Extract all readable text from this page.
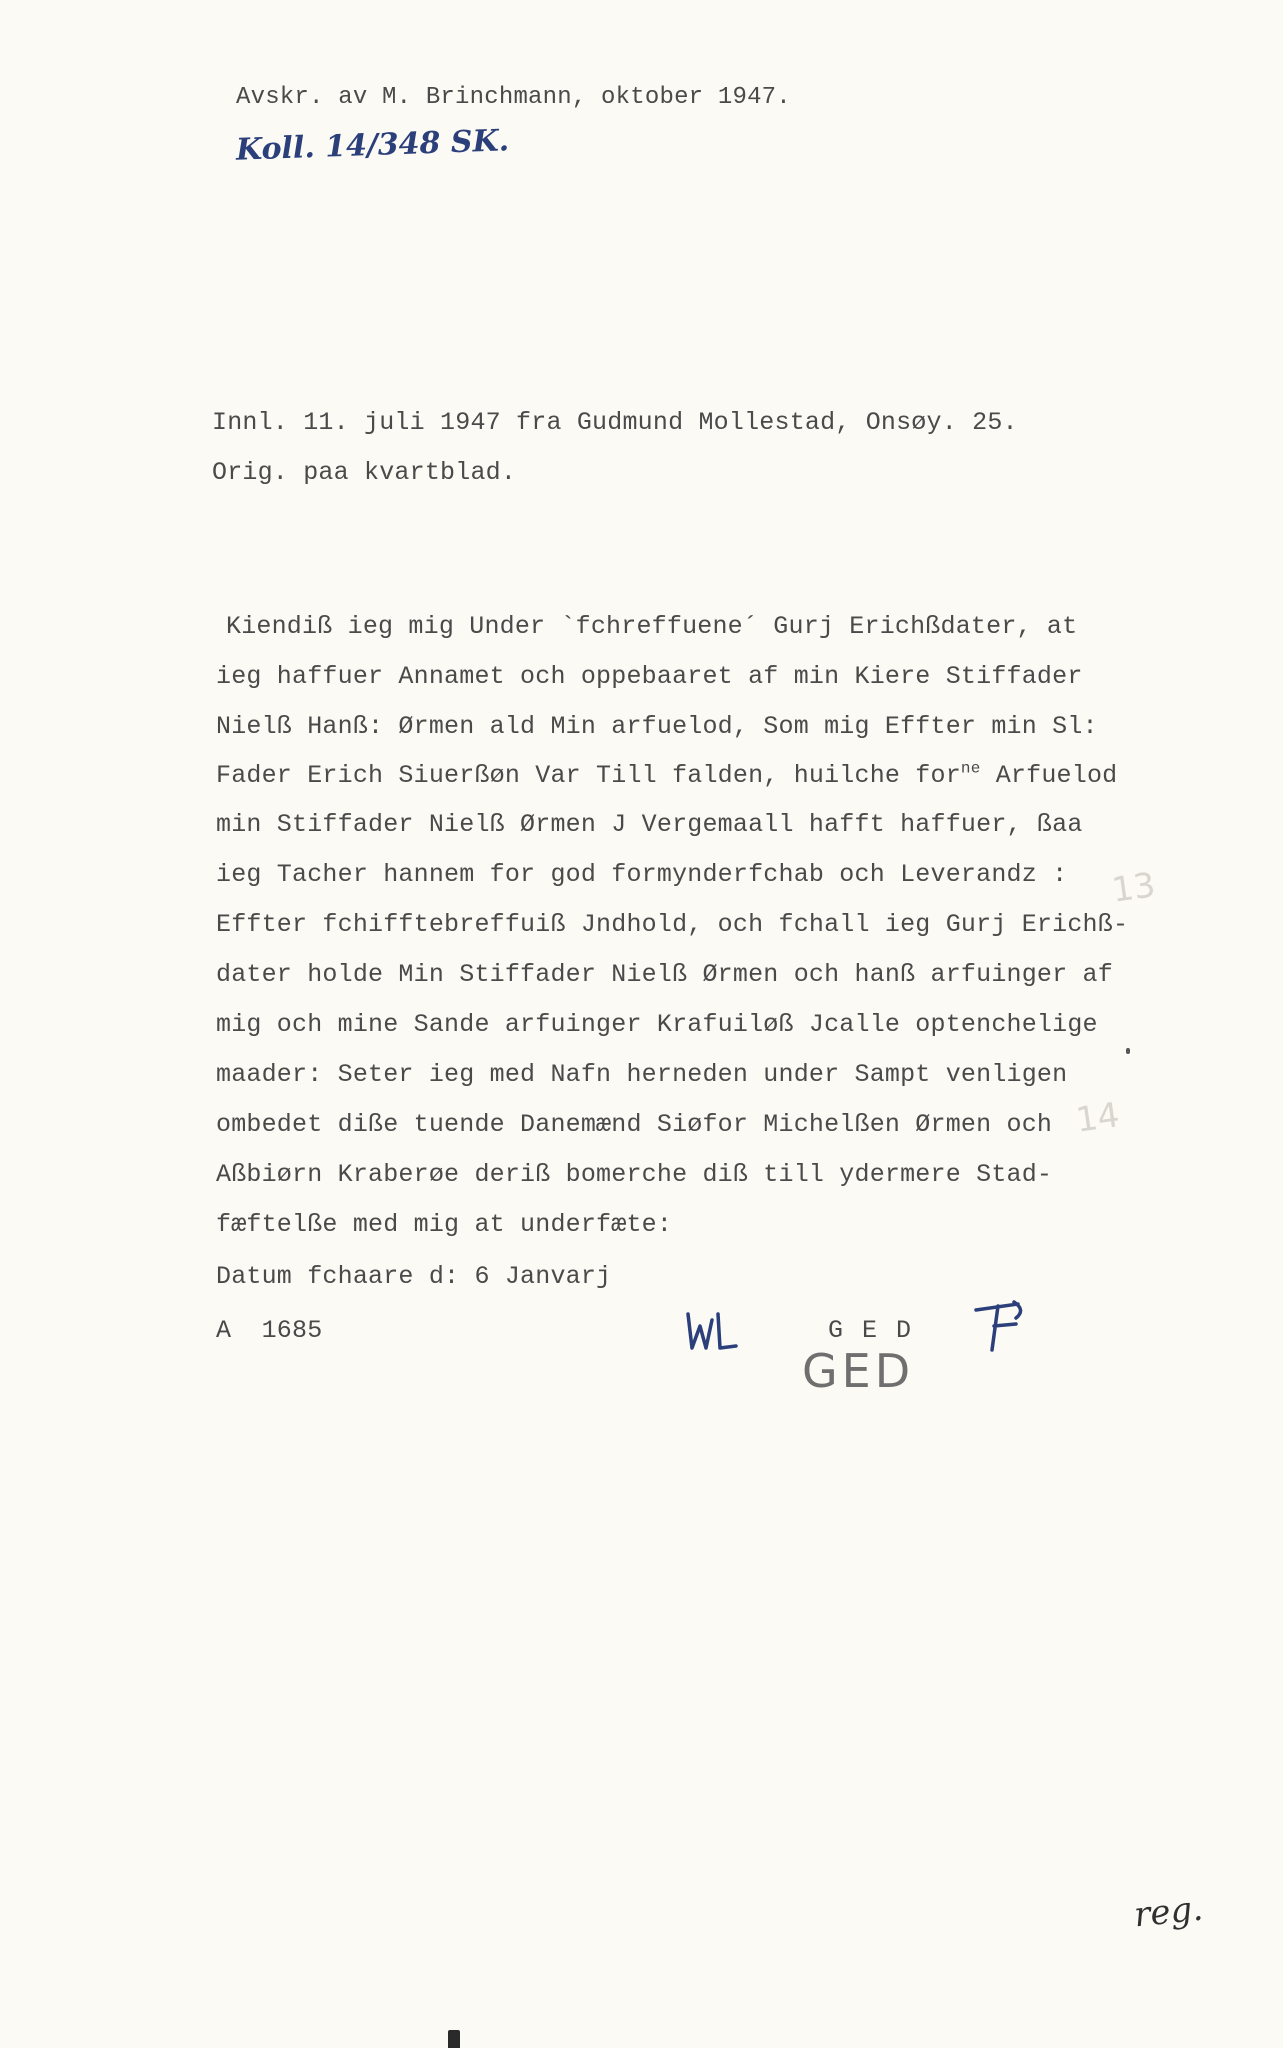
Avskr. av M. Brinchmann, oktober 1947.
Koll. 14/348 SK.
Innl. 11. juli 1947 fra Gudmund Mollestad, Onsøy. 25.
Orig. paa kvartblad.
Kiendiß ieg mig Under `fchreffuene´ Gurj Erichßdater, at
ieg haffuer Annamet och oppebaaret af min Kiere Stiffader
Nielß Hanß: Ørmen ald Min arfuelod, Som mig Effter min Sl:
Fader Erich Siuerßøn Var Till falden, huilche for$^{ne}$ Arfuelod
min Stiffader Nielß Ørmen J Vergemaall hafft haffuer, ßaa
ieg Tacher hannem for god formynderfchab och Leverandz :
Effter fchifftebreffuiß Jndhold, och fchall ieg Gurj Erichß-
dater holde Min Stiffader Nielß Ørmen och hanß arfuinger af
mig och mine Sande arfuinger Krafuiløß Jcalle optenchelige
maader: Seter ieg med Nafn herneden under Sampt venligen
ombedet diße tuende Danemænd Siøfor Michelßen Ørmen och
Aßbiørn Kraberøe deriß bomerche diß till ydermere Stad-
fæftelße med mig at underfæte:
Datum fchaare d: 6 Janvarj
A  1685	G E D
GED
13
14
reg.
